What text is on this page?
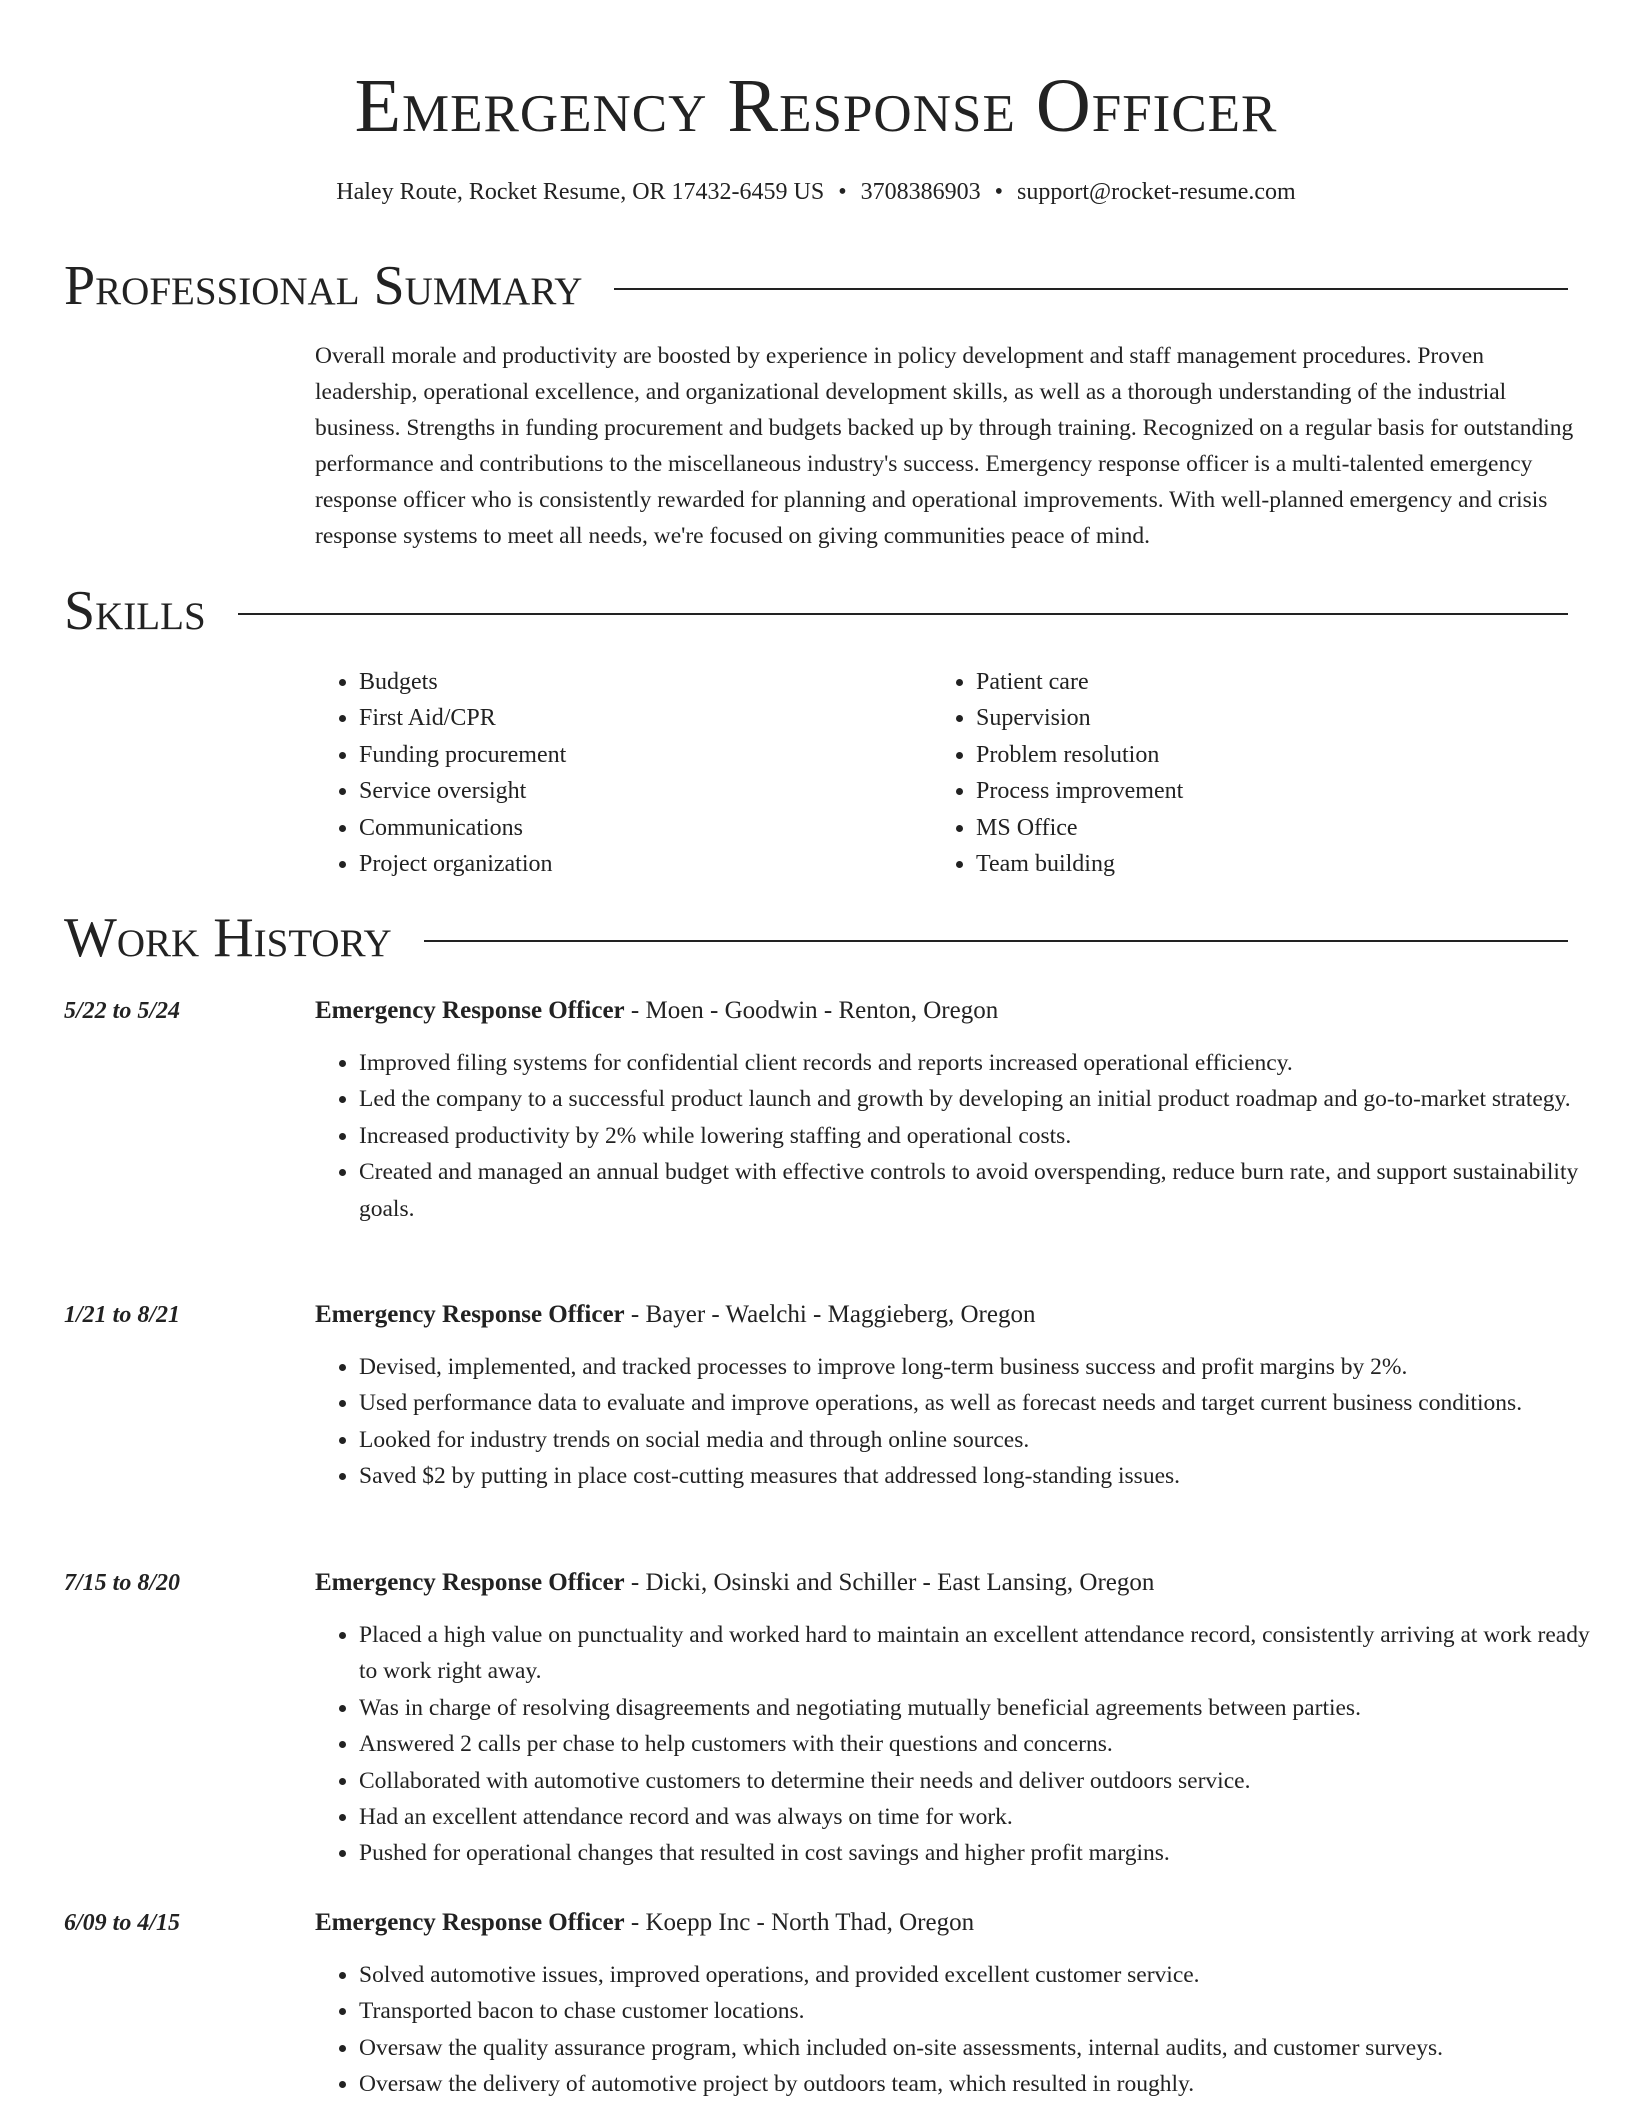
Emergency Response Officer
Haley Route, Rocket Resume, OR 17432-6459 US • 3708386903 • support@rocket-resume.com
Professional Summary

Overall morale and productivity are boosted by experience in policy development and staff management procedures. Proven leadership, operational excellence, and organizational development skills, as well as a thorough understanding of the industrial business. Strengths in funding procurement and budgets backed up by through training. Recognized on a regular basis for outstanding performance and contributions to the miscellaneous industry's success. Emergency response officer is a multi-talented emergency response officer who is consistently rewarded for planning and operational improvements. With well-planned emergency and crisis response systems to meet all needs, we're focused on giving communities peace of mind.

Skills
• Budgets
• First Aid/CPR
• Funding procurement
• Service oversight
• Communications
• Project organization
• Patient care
• Supervision
• Problem resolution
• Process improvement
• MS Office
• Team building
Work History
5/22 to 5/24	Emergency Response Officer - Moen - Goodwin - Renton, Oregon
• Improved filing systems for confidential client records and reports increased operational efficiency.
• Led the company to a successful product launch and growth by developing an initial product roadmap and go-to-market strategy.
• Increased productivity by 2% while lowering staffing and operational costs.
• Created and managed an annual budget with effective controls to avoid overspending, reduce burn rate, and support sustainability goals.
1/21 to 8/21	Emergency Response Officer - Bayer - Waelchi - Maggieberg, Oregon
• Devised, implemented, and tracked processes to improve long-term business success and profit margins by 2%.
• Used performance data to evaluate and improve operations, as well as forecast needs and target current business conditions.
• Looked for industry trends on social media and through online sources.
• Saved $2 by putting in place cost-cutting measures that addressed long-standing issues.
7/15 to 8/20	Emergency Response Officer - Dicki, Osinski and Schiller - East Lansing, Oregon
• Placed a high value on punctuality and worked hard to maintain an excellent attendance record, consistently arriving at work ready to work right away.
• Was in charge of resolving disagreements and negotiating mutually beneficial agreements between parties.
• Answered 2 calls per chase to help customers with their questions and concerns.
• Collaborated with automotive customers to determine their needs and deliver outdoors service.
• Had an excellent attendance record and was always on time for work.
• Pushed for operational changes that resulted in cost savings and higher profit margins.
6/09 to 4/15	Emergency Response Officer - Koepp Inc - North Thad, Oregon
• Solved automotive issues, improved operations, and provided excellent customer service.
• Transported bacon to chase customer locations.
• Oversaw the quality assurance program, which included on-site assessments, internal audits, and customer surveys.
• Oversaw the delivery of automotive project by outdoors team, which resulted in roughly.
